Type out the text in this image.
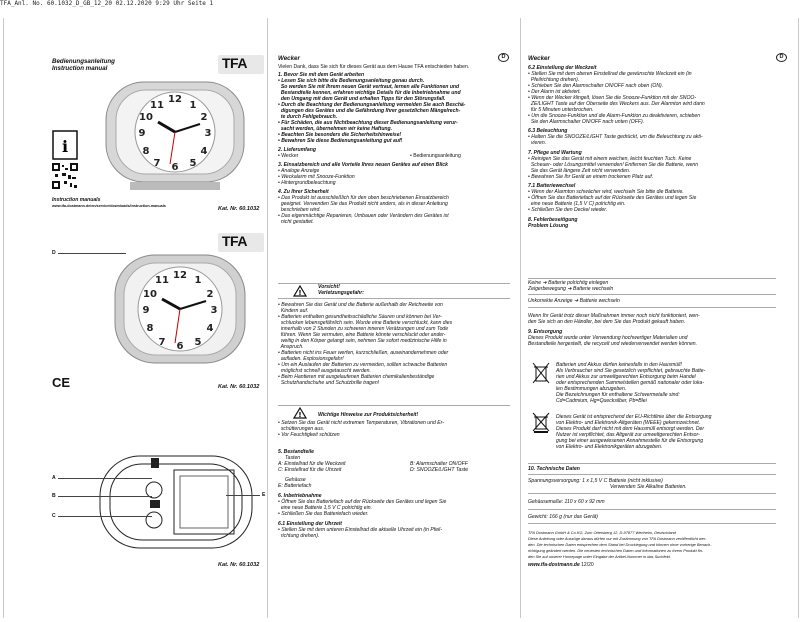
TFA_Anl. No. 60.1032_D_GB_12_20 02.12.2020 9:29 Uhr Seite 1
Bedienungsanleitung
Instruction manual	TFA
12
3
6
9
1
2
4
5
7
8
10
11
i
Instruction manuals
www.tfa-dostmann.de/en/service/downloads/instruction-manuals	Kat. Nr. 60.1032
TFA
D
12
3
6
9
1
2
4
5
7
8
10
11
CE	Kat. Nr. 60.1032
A
B
C
E
Kat. Nr. 60.1032
Wecker
Vielen Dank, dass Sie sich für dieses Gerät aus dem Hause TFA entschieden haben.
1. Bevor Sie mit dem Gerät arbeiten
• Lesen Sie sich bitte die Bedienungsanleitung genau durch.
So werden Sie mit Ihrem neuen Gerät vertraut, lernen alle Funktionen und
Bestandteile kennen, erfahren wichtige Details für die Inbetriebnahme und
den Umgang mit dem Gerät und erhalten Tipps für den Störungsfall.
• Durch die Beachtung der Bedienungsanleitung vermeiden Sie auch Beschä-
digungen des Gerätes und die Gefährdung Ihrer gesetzlichen Mängelrech-
te durch Fehlgebrauch.
• Für Schäden, die aus Nichtbeachtung dieser Bedienungsanleitung verur-
sacht werden, übernehmen wir keine Haftung.
• Beachten Sie besonders die Sicherheitshinweise!
• Bewahren Sie diese Bedienungsanleitung gut auf!
2. Lieferumfang
• Wecker	• Bedienungsanleitung
3. Einsatzbereich und alle Vorteile Ihres neuen Gerätes auf einen Blick
• Analoge Anzeige
• Weckalarm mit Snooze-Funktion
• Hintergrundbeleuchtung
4. Zu Ihrer Sicherheit
• Das Produkt ist ausschließlich für den oben beschriebenen Einsatzbereich
geeignet. Verwenden Sie das Produkt nicht anders, als in dieser Anleitung
beschrieben wird.
• Das eigenmächtige Reparieren, Umbauen oder Verändern des Gerätes ist
nicht gestattet.
D
!
Vorsicht!
Verletzungsgefahr:
• Bewahren Sie das Gerät und die Batterie außerhalb der Reichweite von
Kindern auf.
• Batterien enthalten gesundheitsschädliche Säuren und können bei Ver-
schlucken lebensgefährlich sein. Wurde eine Batterie verschluckt, kann dies
innerhalb von 2 Stunden zu schweren inneren Verätzungen und zum Tode
führen. Wenn Sie vermuten, eine Batterie könnte verschluckt oder ander-
weitig in den Körper gelangt sein, nehmen Sie sofort medizinische Hilfe in
Anspruch.
• Batterien nicht ins Feuer werfen, kurzschließen, auseinandernehmen oder
aufladen. Explosionsgefahr!
• Um ein Auslaufen der Batterien zu vermeiden, sollten schwache Batterien
möglichst schnell ausgetauscht werden.
• Beim Hantieren mit ausgelaufenen Batterien chemikalienbeständige
Schutzhandschuhe und Schutzbrille tragen!
!	Wichtige Hinweise zur Produktsicherheit!
• Setzen Sie das Gerät nicht extremen Temperaturen, Vibrationen und Er-
schütterungen aus.
• Vor Feuchtigkeit schützen
5. Bestandteile
Tasten
A: Einstellrad für die Weckzeit	B: Alarmschalter ON/OFF
C: Einstellrad für die Uhrzeit	D: SNOOZE/LIGHT Taste
Gehäuse
E: Batteriefach
6. Inbetriebnahme
• Öffnen Sie das Batteriefach auf der Rückseite des Gerätes und legen Sie
eine neue Batterie 1,5 V C polrichtig ein.
• Schließen Sie das Batteriefach wieder.
6.1 Einstellung der Uhrzeit
• Stellen Sie mit dem unteren Einstellrad die aktuelle Uhrzeit ein (in Pfeil-
richtung drehen).
D
Wecker
6.2 Einstellung der Weckzeit
• Stellen Sie mit dem oberen Einstellrad die gewünschte Weckzeit ein (in
Pfeilrichtung drehen).
• Schieben Sie den Alarmschalter ON/OFF nach oben (ON).
• Der Alarm ist aktiviert.
• Wenn der Wecker klingelt, lösen Sie die Snooze-Funktion mit der SNOO-
ZE/LIGHT Taste auf der Oberseite des Weckers aus. Der Alarmton wird dann
für 5 Minuten unterbrochen.
• Um die Snooze-Funktion und die Alarm-Funktion zu deaktivieren, schieben
Sie den Alarmschalter ON/OFF nach unten (OFF).
6.3 Beleuchtung
• Halten Sie die SNOOZE/LIGHT Taste gedrückt, um die Beleuchtung zu akti-
vieren.
7. Pflege und Wartung
• Reinigen Sie das Gerät mit einem weichen, leicht feuchten Tuch. Keine
Scheuer- oder Lösungsmittel verwenden! Entfernen Sie die Batterie, wenn
Sie das Gerät längere Zeit nicht verwenden.
• Bewahren Sie Ihr Gerät an einem trockenen Platz auf.
7.1 Batteriewechsel
• Wenn der Alarmton schwächer wird, wechseln Sie bitte die Batterie.
• Öffnen Sie das Batteriefach auf der Rückseite des Gerätes und legen Sie
eine neue Batterie (1,5 V C) polrichtig ein.
• Schließen Sie den Deckel wieder.
8. Fehlerbeseitigung
Problem Lösung
Keine ➜ Batterie polrichtig einlegen
Zeigerbewegung ➜ Batterie wechseln
Unkorrekte Anzeige ➜ Batterie wechseln
Wenn Ihr Gerät trotz dieser Maßnahmen immer noch nicht funktioniert, wen-
den Sie sich an den Händler, bei dem Sie das Produkt gekauft haben.
9. Entsorgung
Dieses Produkt wurde unter Verwendung hochwertiger Materialien und
Bestandteile hergestellt, die recycelt und wiederverwendet werden können.
Batterien und Akkus dürfen keinesfalls in den Hausmüll!
Als Verbraucher sind Sie gesetzlich verpflichtet, gebrauchte Batte-
rien und Akkus zur umweltgerechten Entsorgung beim Handel
oder entsprechenden Sammelstellen gemäß nationaler oder loka-
len Bestimmungen abzugeben.
Die Bezeichnungen für enthaltene Schwermetalle sind:
Cd=Cadmium, Hg=Quecksilber, Pb=Blei
Dieses Gerät ist entsprechend der EU-Richtlinie über die Entsorgung
von Elektro- und Elektronik-Altgeräten (WEEE) gekennzeichnet.
Dieses Produkt darf nicht mit dem Hausmüll entsorgt werden. Der
Nutzer ist verpflichtet, das Altgerät zur umweltgerechten Entsor-
gung bei einer ausgewiesenen Annahmestelle für die Entsorgung
von Elektro- und Elektronikgeräten abzugeben.
10. Technische Daten
Spannungsversorgung: 1 x 1,5 V C Batterie (nicht inklusive)
Verwenden Sie Alkaline Batterien.
Gehäusemaße: 110 x 60 x 92 mm
Gewicht: 166 g (nur das Gerät)
TFA Dostmann GmbH & Co.KG, Zum Ottersberg 12, D-97877 Wertheim, Deutschland
Diese Anleitung oder Auszüge daraus dürfen nur mit Zustimmung von TFA Dostmann veröffentlicht wer-
den. Die technischen Daten entsprechen dem Stand bei Drucklegung und können ohne vorherige Benach-
richtigung geändert werden. Die neuesten technischen Daten und Informationen zu Ihrem Produkt fin-
den Sie auf unserer Homepage unter Eingabe der Artikel-Nummer in das Suchfeld.
www.tfa-dostmann.de 12/20
